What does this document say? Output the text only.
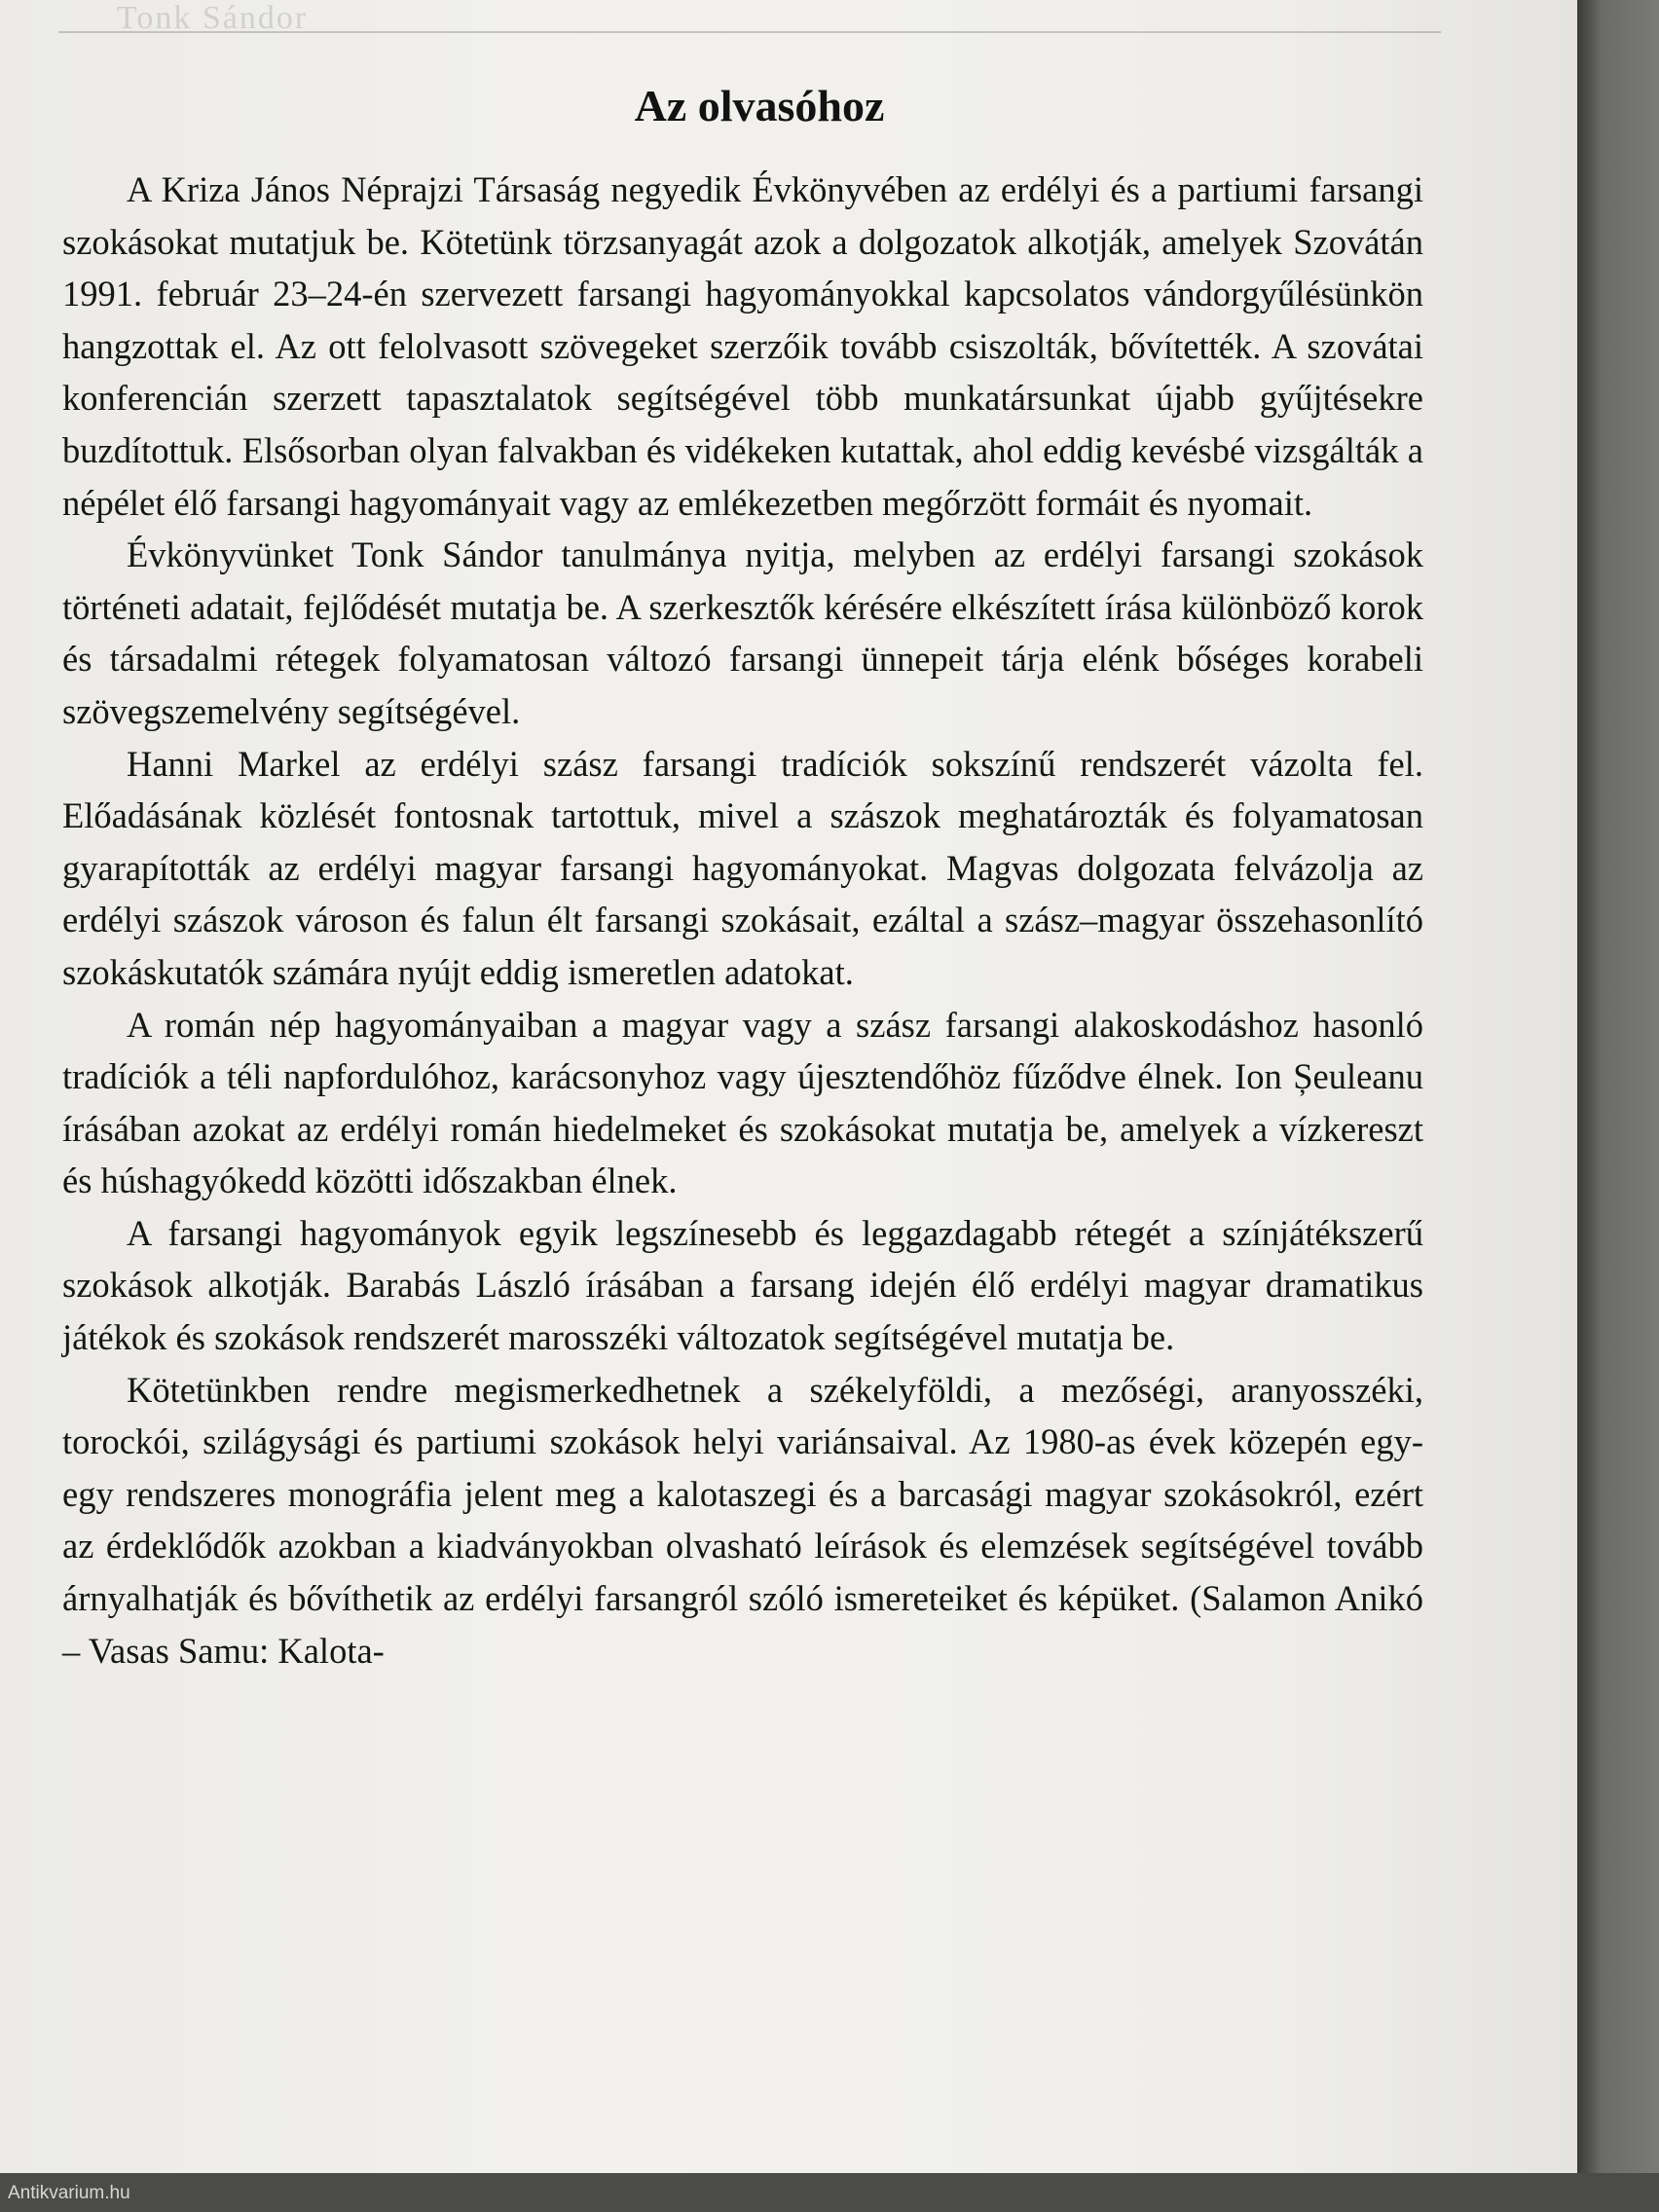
Tonk Sándor
Az olvasóhoz

A Kriza János Néprajzi Társaság negyedik Évkönyvében az erdélyi és a partiumi farsangi szokásokat mutatjuk be. Kötetünk törzsanyagát azok a dolgozatok alkotják, amelyek Szovátán 1991. február 23–24-én szervezett farsangi hagyományokkal kapcsolatos vándorgyűlésünkön hangzottak el. Az ott felolvasott szövegeket szerzőik tovább csiszolták, bővítették. A szovátai konferencián szerzett tapasztalatok segítségével több munkatársunkat újabb gyűjtésekre buzdítottuk. Elsősorban olyan falvakban és vidékeken kutattak, ahol eddig kevésbé vizsgálták a népélet élő farsangi hagyományait vagy az emlékezetben megőrzött formáit és nyomait.

Évkönyvünket Tonk Sándor tanulmánya nyitja, melyben az erdélyi farsangi szokások történeti adatait, fejlődését mutatja be. A szerkesztők kérésére elkészített írása különböző korok és társadalmi rétegek folyamatosan változó farsangi ünnepeit tárja elénk bőséges korabeli szövegszemelvény segítségével.

Hanni Markel az erdélyi szász farsangi tradíciók sokszínű rendszerét vázolta fel. Előadásának közlését fontosnak tartottuk, mivel a szászok meghatározták és folyamatosan gyarapították az erdélyi magyar farsangi hagyományokat. Magvas dolgozata felvázolja az erdélyi szászok városon és falun élt farsangi szokásait, ezáltal a szász–magyar összehasonlító szokáskutatók számára nyújt eddig ismeretlen adatokat.

A román nép hagyományaiban a magyar vagy a szász farsangi alakoskodáshoz hasonló tradíciók a téli napfordulóhoz, karácsonyhoz vagy újesztendőhöz fűződve élnek. Ion Șeuleanu írásában azokat az erdélyi román hiedelmeket és szokásokat mutatja be, amelyek a vízkereszt és húshagyókedd közötti időszakban élnek.

A farsangi hagyományok egyik legszínesebb és leggazdagabb rétegét a színjátékszerű szokások alkotják. Barabás László írásában a farsang idején élő erdélyi magyar dramatikus játékok és szokások rendszerét marosszéki változatok segítségével mutatja be.

Kötetünkben rendre megismerkedhetnek a székelyföldi, a mezőségi, aranyosszéki, torockói, szilágysági és partiumi szokások helyi variánsaival. Az 1980-as évek közepén egy-egy rendszeres monográfia jelent meg a kalotaszegi és a barcasági magyar szokásokról, ezért az érdeklődők azokban a kiadványokban olvasható leírások és elemzések segítségével tovább árnyalhatják és bővíthetik az erdélyi farsangról szóló ismereteiket és képüket. (Salamon Anikó – Vasas Samu: Kalota-

Antikvarium.hu
